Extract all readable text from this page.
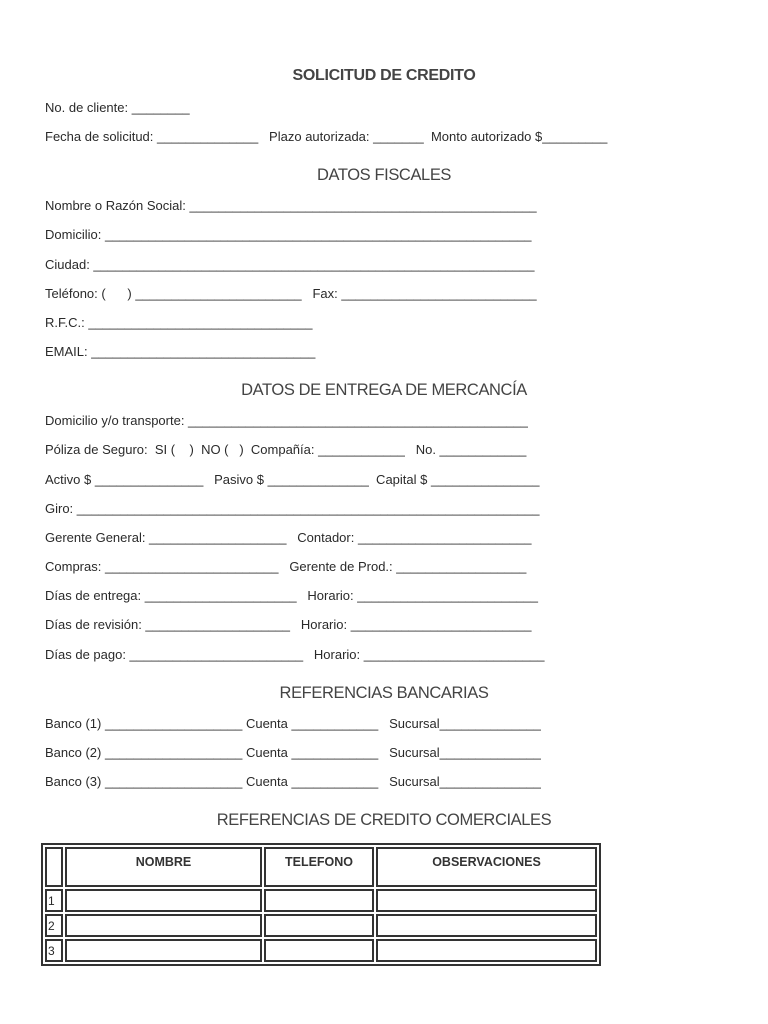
SOLICITUD DE CREDITO
No. de cliente: ________
Fecha de solicitud: ______________   Plazo autorizada: _______  Monto autorizado $_________
DATOS FISCALES
Nombre o Razón Social: ________________________________________________
Domicilio: ___________________________________________________________
Ciudad: _____________________________________________________________
Teléfono: (      ) _______________________   Fax: ___________________________
R.F.C.: _______________________________
EMAIL: _______________________________
DATOS DE ENTREGA DE MERCANCÍA
Domicilio y/o transporte: _______________________________________________
Póliza de Seguro:  SI (    )  NO (   )  Compañía: ____________   No. ____________
Activo $ _______________   Pasivo $ ______________  Capital $ _______________
Giro: ________________________________________________________________
Gerente General: ___________________   Contador: ________________________
Compras: ________________________   Gerente de Prod.: __________________
Días de entrega: _____________________   Horario: _________________________
Días de revisión: ____________________   Horario: _________________________
Días de pago: ________________________   Horario: _________________________
REFERENCIAS BANCARIAS
Banco (1) ___________________ Cuenta ____________   Sucursal______________
Banco (2) ___________________ Cuenta ____________   Sucursal______________
Banco (3) ___________________ Cuenta ____________   Sucursal______________
REFERENCIAS DE CREDITO COMERCIALES
	NOMBRE	TELEFONO	OBSERVACIONES
1			
2			
3			
